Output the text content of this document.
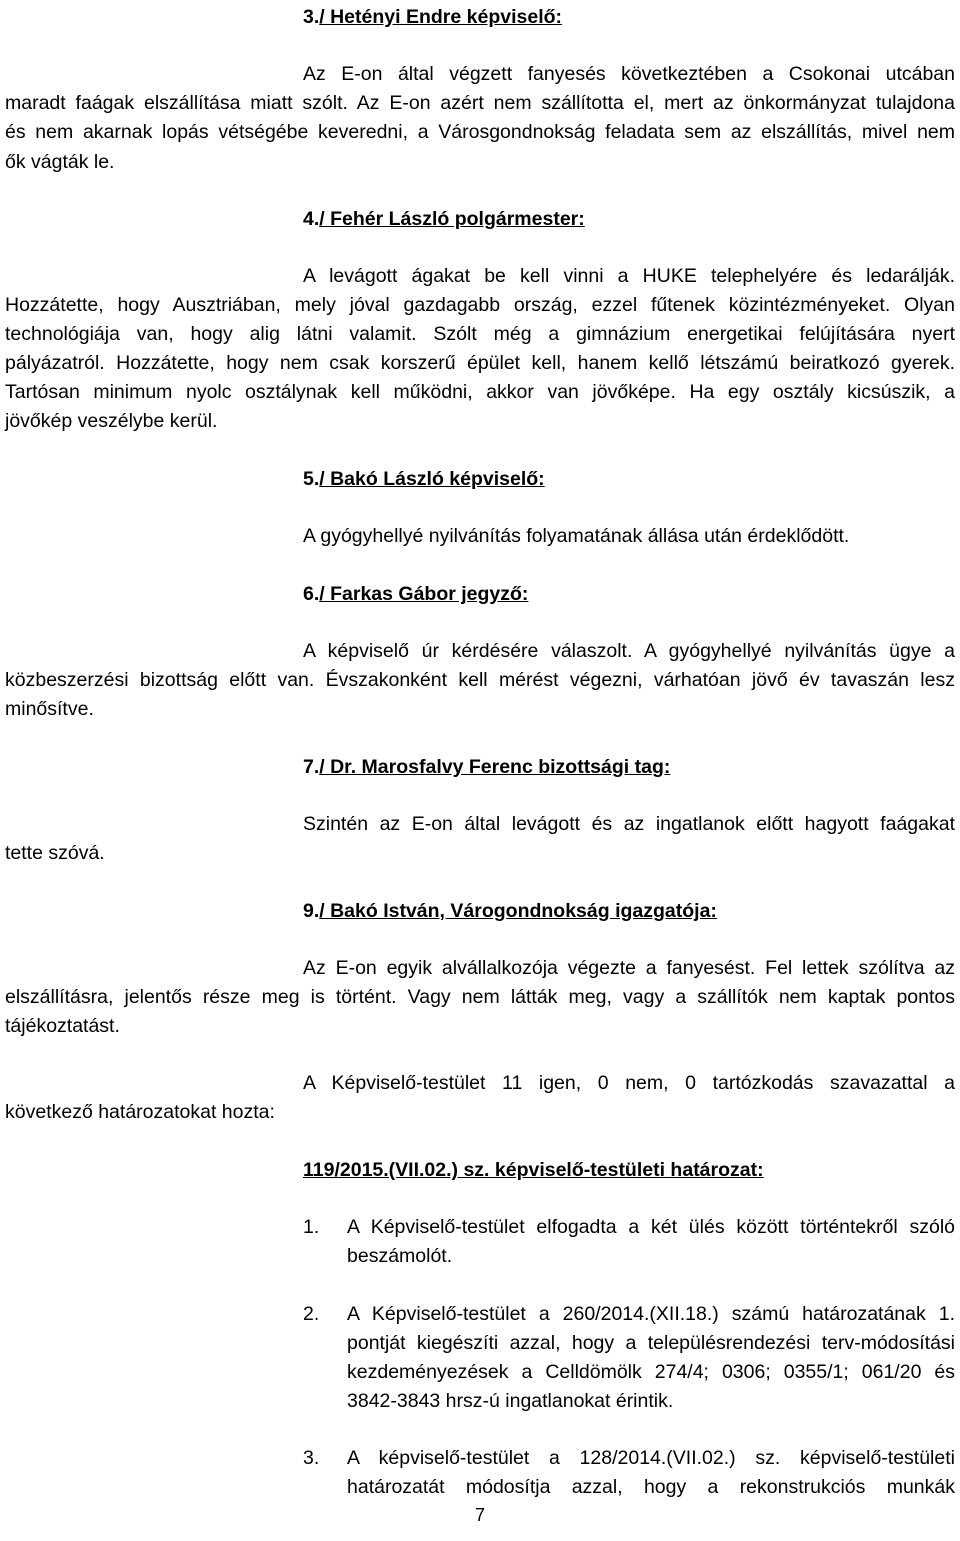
3./ Hetényi Endre képviselő:
Az E-on által végzett fanyesés következtében a Csokonai utcában
maradt faágak elszállítása miatt szólt. Az E-on azért nem szállította el, mert az önkormányzat tulajdona
és nem akarnak lopás vétségébe keveredni, a Városgondnokság feladata sem az elszállítás, mivel nem
ők vágták le.
4./ Fehér László polgármester:
A levágott ágakat be kell vinni a HUKE telephelyére és ledarálják.
Hozzátette, hogy Ausztriában, mely jóval gazdagabb ország, ezzel fűtenek közintézményeket. Olyan
technológiája van, hogy alig látni valamit. Szólt még a gimnázium energetikai felújítására nyert
pályázatról. Hozzátette, hogy nem csak korszerű épület kell, hanem kellő létszámú beiratkozó gyerek.
Tartósan minimum nyolc osztálynak kell működni, akkor van jövőképe. Ha egy osztály kicsúszik, a
jövőkép veszélybe kerül.
5./ Bakó László képviselő:
A gyógyhellyé nyilvánítás folyamatának állása után érdeklődött.
6./ Farkas Gábor jegyző:
A képviselő úr kérdésére válaszolt. A gyógyhellyé nyilvánítás ügye a
közbeszerzési bizottság előtt van. Évszakonként kell mérést végezni, várhatóan jövő év tavaszán lesz
minősítve.
7./ Dr. Marosfalvy Ferenc bizottsági tag:
Szintén az E-on által levágott és az ingatlanok előtt hagyott faágakat
tette szóvá.
9./ Bakó István, Várogondnokság igazgatója:
Az E-on egyik alvállalkozója végezte a fanyesést. Fel lettek szólítva az
elszállításra, jelentős része meg is történt. Vagy nem látták meg, vagy a szállítók nem kaptak pontos
tájékoztatást.
A Képviselő-testület 11 igen, 0 nem, 0 tartózkodás szavazattal a
következő határozatokat hozta:
119/2015.(VII.02.) sz. képviselő-testületi határozat:
1. A Képviselő-testület elfogadta a két ülés között történtekről szóló
beszámolót.
2. A Képviselő-testület a 260/2014.(XII.18.) számú határozatának 1.
pontját kiegészíti azzal, hogy a településrendezési terv-módosítási
kezdeményezések a Celldömölk 274/4; 0306; 0355/1; 061/20 és
3842-3843 hrsz-ú ingatlanokat érintik.
3. A képviselő-testület a 128/2014.(VII.02.) sz. képviselő-testületi
határozatát módosítja azzal, hogy a rekonstrukciós munkák
7
